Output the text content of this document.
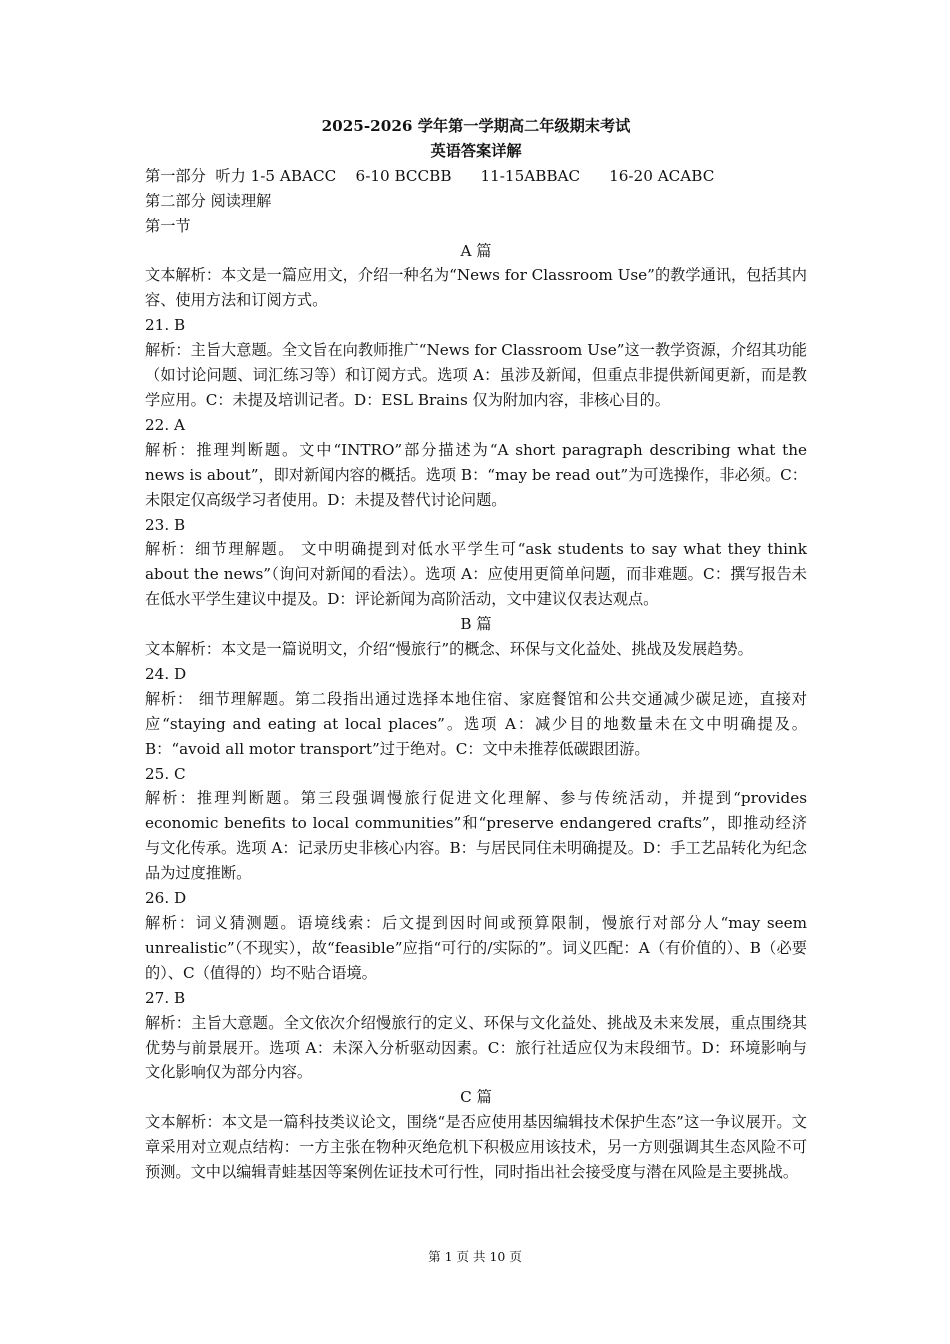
2025-2026 学年第一学期高二年级期末考试
英语答案详解
第一部分  听力 1-5 ABACC    6-10 BCCBB      11-15ABBAC      16-20 ACABC
第二部分 阅读理解
第一节
A 篇
文本解析：本文是一篇应用文，介绍一种名为“News for Classroom Use”的教学通讯，包括其内容、使用方法和订阅方式。
21. B
解析：主旨大意题。全文旨在向教师推广“News for Classroom Use”这一教学资源，介绍其功能（如讨论问题、词汇练习等）和订阅方式。选项 A：虽涉及新闻，但重点非提供新闻更新，而是教学应用。C：未提及培训记者。D：ESL Brains 仅为附加内容，非核心目的。
22. A
解析：推理判断题。文中“INTRO”部分描述为“A short paragraph describing what the news is about”，即对新闻内容的概括。选项 B：“may be read out”为可选操作，非必须。C：未限定仅高级学习者使用。D：未提及替代讨论问题。
23. B
解析：细节理解题。 文中明确提到对低水平学生可“ask students to say what they think about the news”（询问对新闻的看法）。选项 A：应使用更简单问题，而非难题。C：撰写报告未在低水平学生建议中提及。D：评论新闻为高阶活动，文中建议仅表达观点。
B 篇
文本解析：本文是一篇说明文，介绍“慢旅行”的概念、环保与文化益处、挑战及发展趋势。
24. D
解析： 细节理解题。第二段指出通过选择本地住宿、家庭餐馆和公共交通减少碳足迹，直接对应“staying and eating at local places”。选项 A：减少目的地数量未在文中明确提及。B：“avoid all motor transport”过于绝对。C：文中未推荐低碳跟团游。
25. C
解析：推理判断题。第三段强调慢旅行促进文化理解、参与传统活动，并提到“provides economic benefits to local communities”和“preserve endangered crafts”，即推动经济与文化传承。选项 A：记录历史非核心内容。B：与居民同住未明确提及。D：手工艺品转化为纪念品为过度推断。
26. D
解析：词义猜测题。语境线索：后文提到因时间或预算限制，慢旅行对部分人“may seem unrealistic”（不现实），故“feasible”应指“可行的/实际的”。词义匹配：A（有价值的）、B（必要的）、C（值得的）均不贴合语境。
27. B
解析：主旨大意题。全文依次介绍慢旅行的定义、环保与文化益处、挑战及未来发展，重点围绕其优势与前景展开。选项 A：未深入分析驱动因素。C：旅行社适应仅为末段细节。D：环境影响与文化影响仅为部分内容。
C 篇
文本解析：本文是一篇科技类议论文，围绕“是否应使用基因编辑技术保护生态”这一争议展开。文章采用对立观点结构：一方主张在物种灭绝危机下积极应用该技术，另一方则强调其生态风险不可预测。文中以编辑青蛙基因等案例佐证技术可行性，同时指出社会接受度与潜在风险是主要挑战。
第 1 页 共 10 页
